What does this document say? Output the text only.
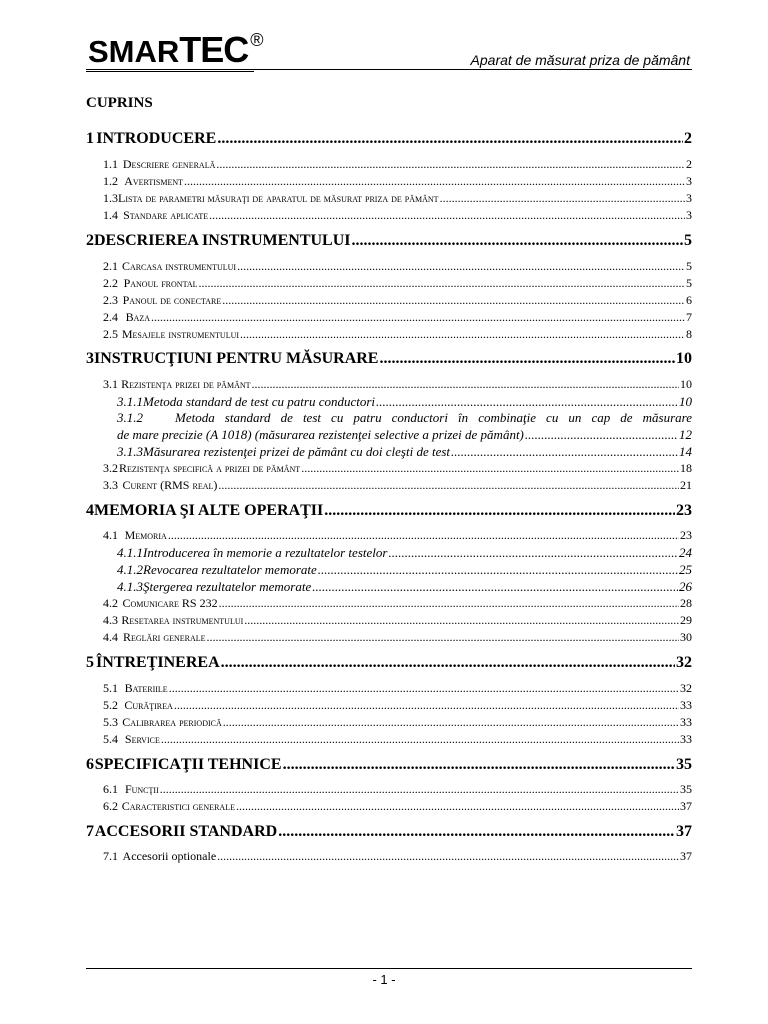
SMARTEC ®
Aparat de măsurat priza de pământ
CUPRINS
1 INTRODUCERE .....	2
1.1 Descriere generală .....	2
1.2 Avertisment .....	3
1.3 Lista de parametri măsuraţi de aparatul de măsurat priza de pământ .....	3
1.4 Standare aplicate .....	3
2 DESCRIEREA INSTRUMENTULUI .....	5
2.1 Carcasa instrumentului .....	5
2.2 Panoul frontal .....	5
2.3 Panoul de conectare .....	6
2.4 Baza .....	7
2.5 Mesajele instrumentului .....	8
3 INSTRUCŢIUNI PENTRU MĂSURARE .....	10
3.1 Rezistenţa prizei de pământ .....	10
3.1.1 Metoda standard de test cu patru conductori .....	10
3.1.2	Metoda standard de test cu patru conductori în combinaţie cu un cap de măsurare
de mare precizie (A 1018) (măsurarea rezistenţei selective a prizei de pământ) .....	12
3.1.3 Măsurarea rezistenţei prizei de pământ cu doi cleşti de test .....	14
3.2 Rezistenţa specifică a prizei de pământ .....	18
3.3 Curent (RMS real) .....	21
4 MEMORIA ŞI ALTE OPERAŢII .....	23
4.1 Memoria .....	23
4.1.1 Introducerea în memorie a rezultatelor testelor .....	24
4.1.2 Revocarea rezultatelor memorate .....	25
4.1.3 Ştergerea rezultatelor memorate .....	26
4.2 Comunicare RS 232 .....	28
4.3 Resetarea instrumentului .....	29
4.4 Reglări generale .....	30
5 ÎNTREŢINEREA .....	32
5.1 Bateriile .....	32
5.2 Curăţirea .....	33
5.3 Calibrarea periodică .....	33
5.4 Service .....	33
6 SPECIFICAŢII TEHNICE .....	35
6.1 Funcţii .....	35
6.2 Caracteristici generale .....	37
7 ACCESORII STANDARD .....	37
7.1 Accesorii optionale .....	37
- 1 -
